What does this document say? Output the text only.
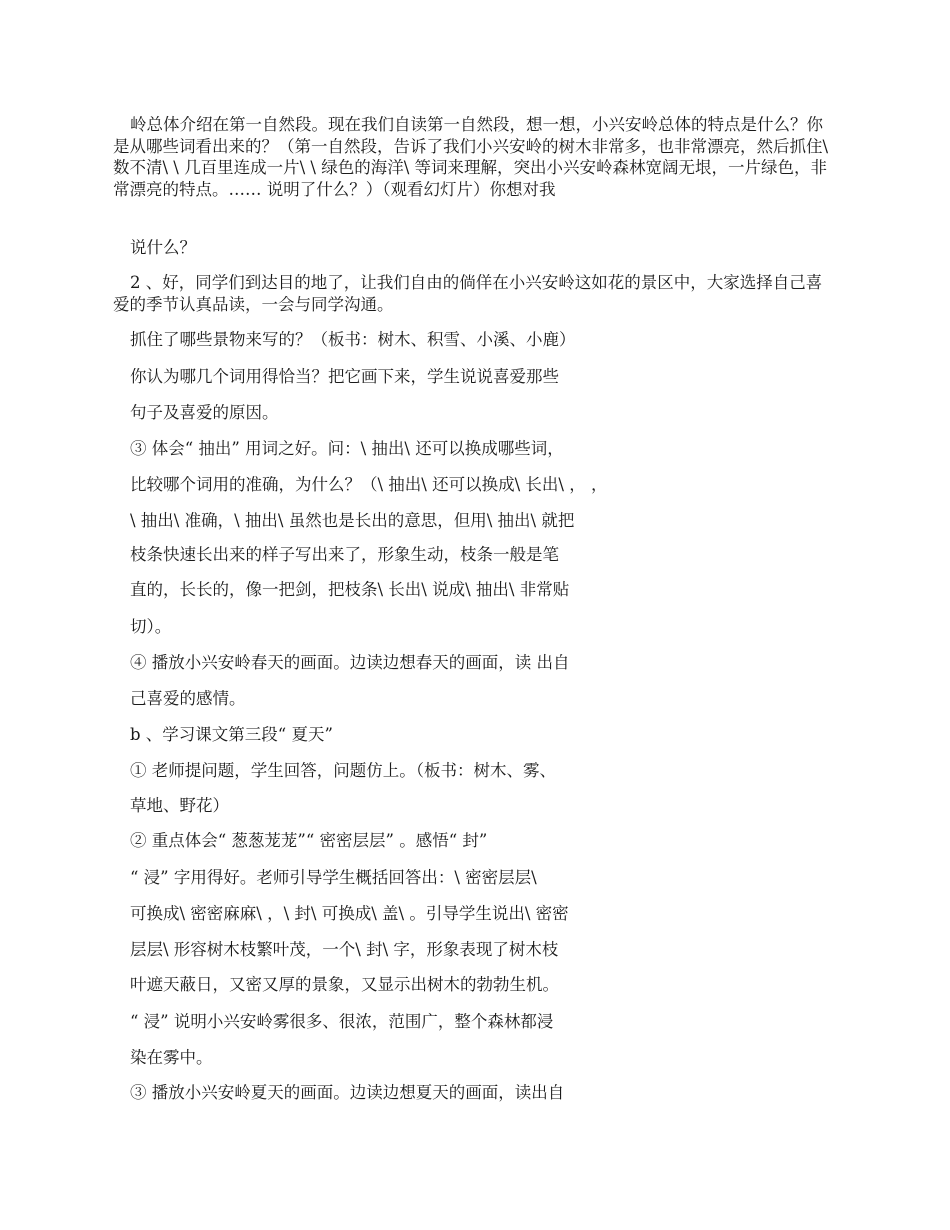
岭总体介绍在第一自然段。现在我们自读第一自然段，想一想，小兴安岭总体的特点是什么？你是从哪些词看出来的？（第一自然段，告诉了我们小兴安岭的树木非常多，也非常漂亮，然后抓住\ 数不清\ \ 几百里连成一片\ \ 绿色的海洋\ 等词来理解，突出小兴安岭森林宽阔无垠，一片绿色，非常漂亮的特点。…… 说明了什么？）（观看幻灯片）你想对我

说什么？

2 、好，同学们到达目的地了，让我们自由的倘佯在小兴安岭这如花的景区中，大家选择自己喜爱的季节认真品读，一会与同学沟通。

抓住了哪些景物来写的？（板书：树木、积雪、小溪、小鹿）

你认为哪几个词用得恰当？把它画下来，学生说说喜爱那些

句子及喜爱的原因。

③ 体会“ 抽出” 用词之好。问：\ 抽出\ 还可以换成哪些词，

比较哪个词用的准确，为什么？（\ 抽出\ 还可以换成\ 长出\ ， ，

\ 抽出\ 准确，\ 抽出\ 虽然也是长出的意思，但用\ 抽出\ 就把

枝条快速长出来的样子写出来了，形象生动，枝条一般是笔

直的，长长的，像一把剑，把枝条\ 长出\ 说成\ 抽出\ 非常贴

切）。

④ 播放小兴安岭春天的画面。边读边想春天的画面，读 出自

己喜爱的感情。

b 、学习课文第三段“ 夏天”

① 老师提问题，学生回答，问题仿上。（板书：树木、雾、

草地、野花）

② 重点体会“ 葱葱茏茏”“ 密密层层” 。感悟“ 封”

“ 浸” 字用得好。老师引导学生概括回答出：\ 密密层层\

可换成\ 密密麻麻\ ，\ 封\ 可换成\ 盖\ 。引导学生说出\ 密密

层层\ 形容树木枝繁叶茂，一个\ 封\ 字，形象表现了树木枝

叶遮天蔽日，又密又厚的景象，又显示出树木的勃勃生机。

“ 浸” 说明小兴安岭雾很多、很浓，范围广，整个森林都浸

染在雾中。

③ 播放小兴安岭夏天的画面。边读边想夏天的画面，读出自
